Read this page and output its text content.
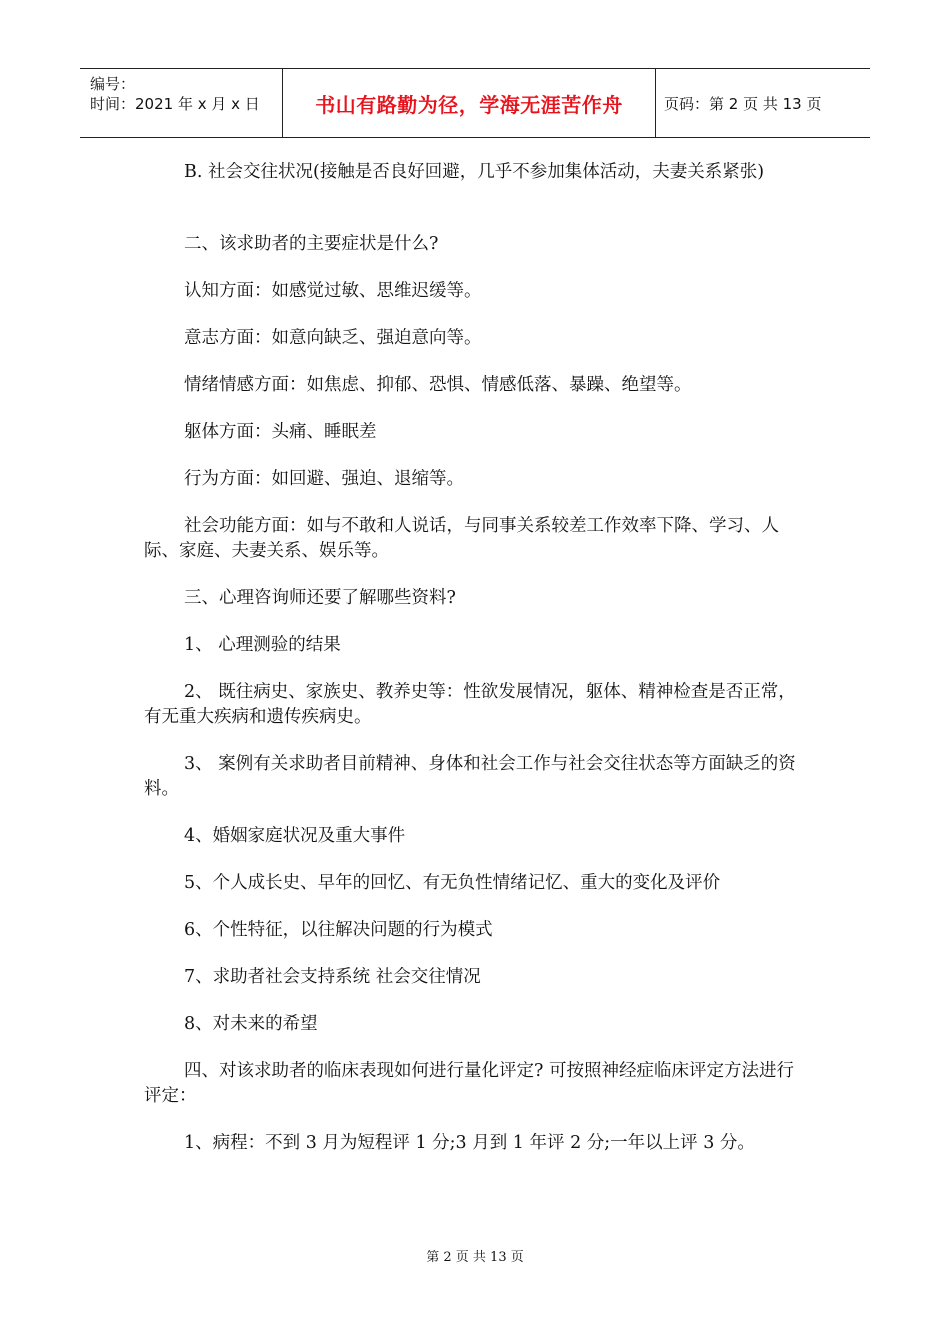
编号：
时间：2021 年 x 月 x 日	书山有路勤为径，学海无涯苦作舟	页码：第 2 页 共 13 页

B. 社会交往状况(接触是否良好回避，几乎不参加集体活动，夫妻关系紧张)

二、该求助者的主要症状是什么?

认知方面：如感觉过敏、思维迟缓等。

意志方面：如意向缺乏、强迫意向等。

情绪情感方面：如焦虑、抑郁、恐惧、情感低落、暴躁、绝望等。

躯体方面：头痛、睡眠差

行为方面：如回避、强迫、退缩等。

社会功能方面：如与不敢和人说话，与同事关系较差工作效率下降、学习、人际、家庭、夫妻关系、娱乐等。

三、心理咨询师还要了解哪些资料?

1、 心理测验的结果

2、 既往病史、家族史、教养史等：性欲发展情况，躯体、精神检查是否正常，有无重大疾病和遗传疾病史。

3、 案例有关求助者目前精神、身体和社会工作与社会交往状态等方面缺乏的资料。

4、婚姻家庭状况及重大事件

5、个人成长史、早年的回忆、有无负性情绪记忆、重大的变化及评价

6、个性特征，以往解决问题的行为模式

7、求助者社会支持系统 社会交往情况

8、对未来的希望

四、对该求助者的临床表现如何进行量化评定? 可按照神经症临床评定方法进行评定：

1、病程：不到 3 月为短程评 1 分;3 月到 1 年评 2 分;一年以上评 3 分。

第 2 页 共 13 页
